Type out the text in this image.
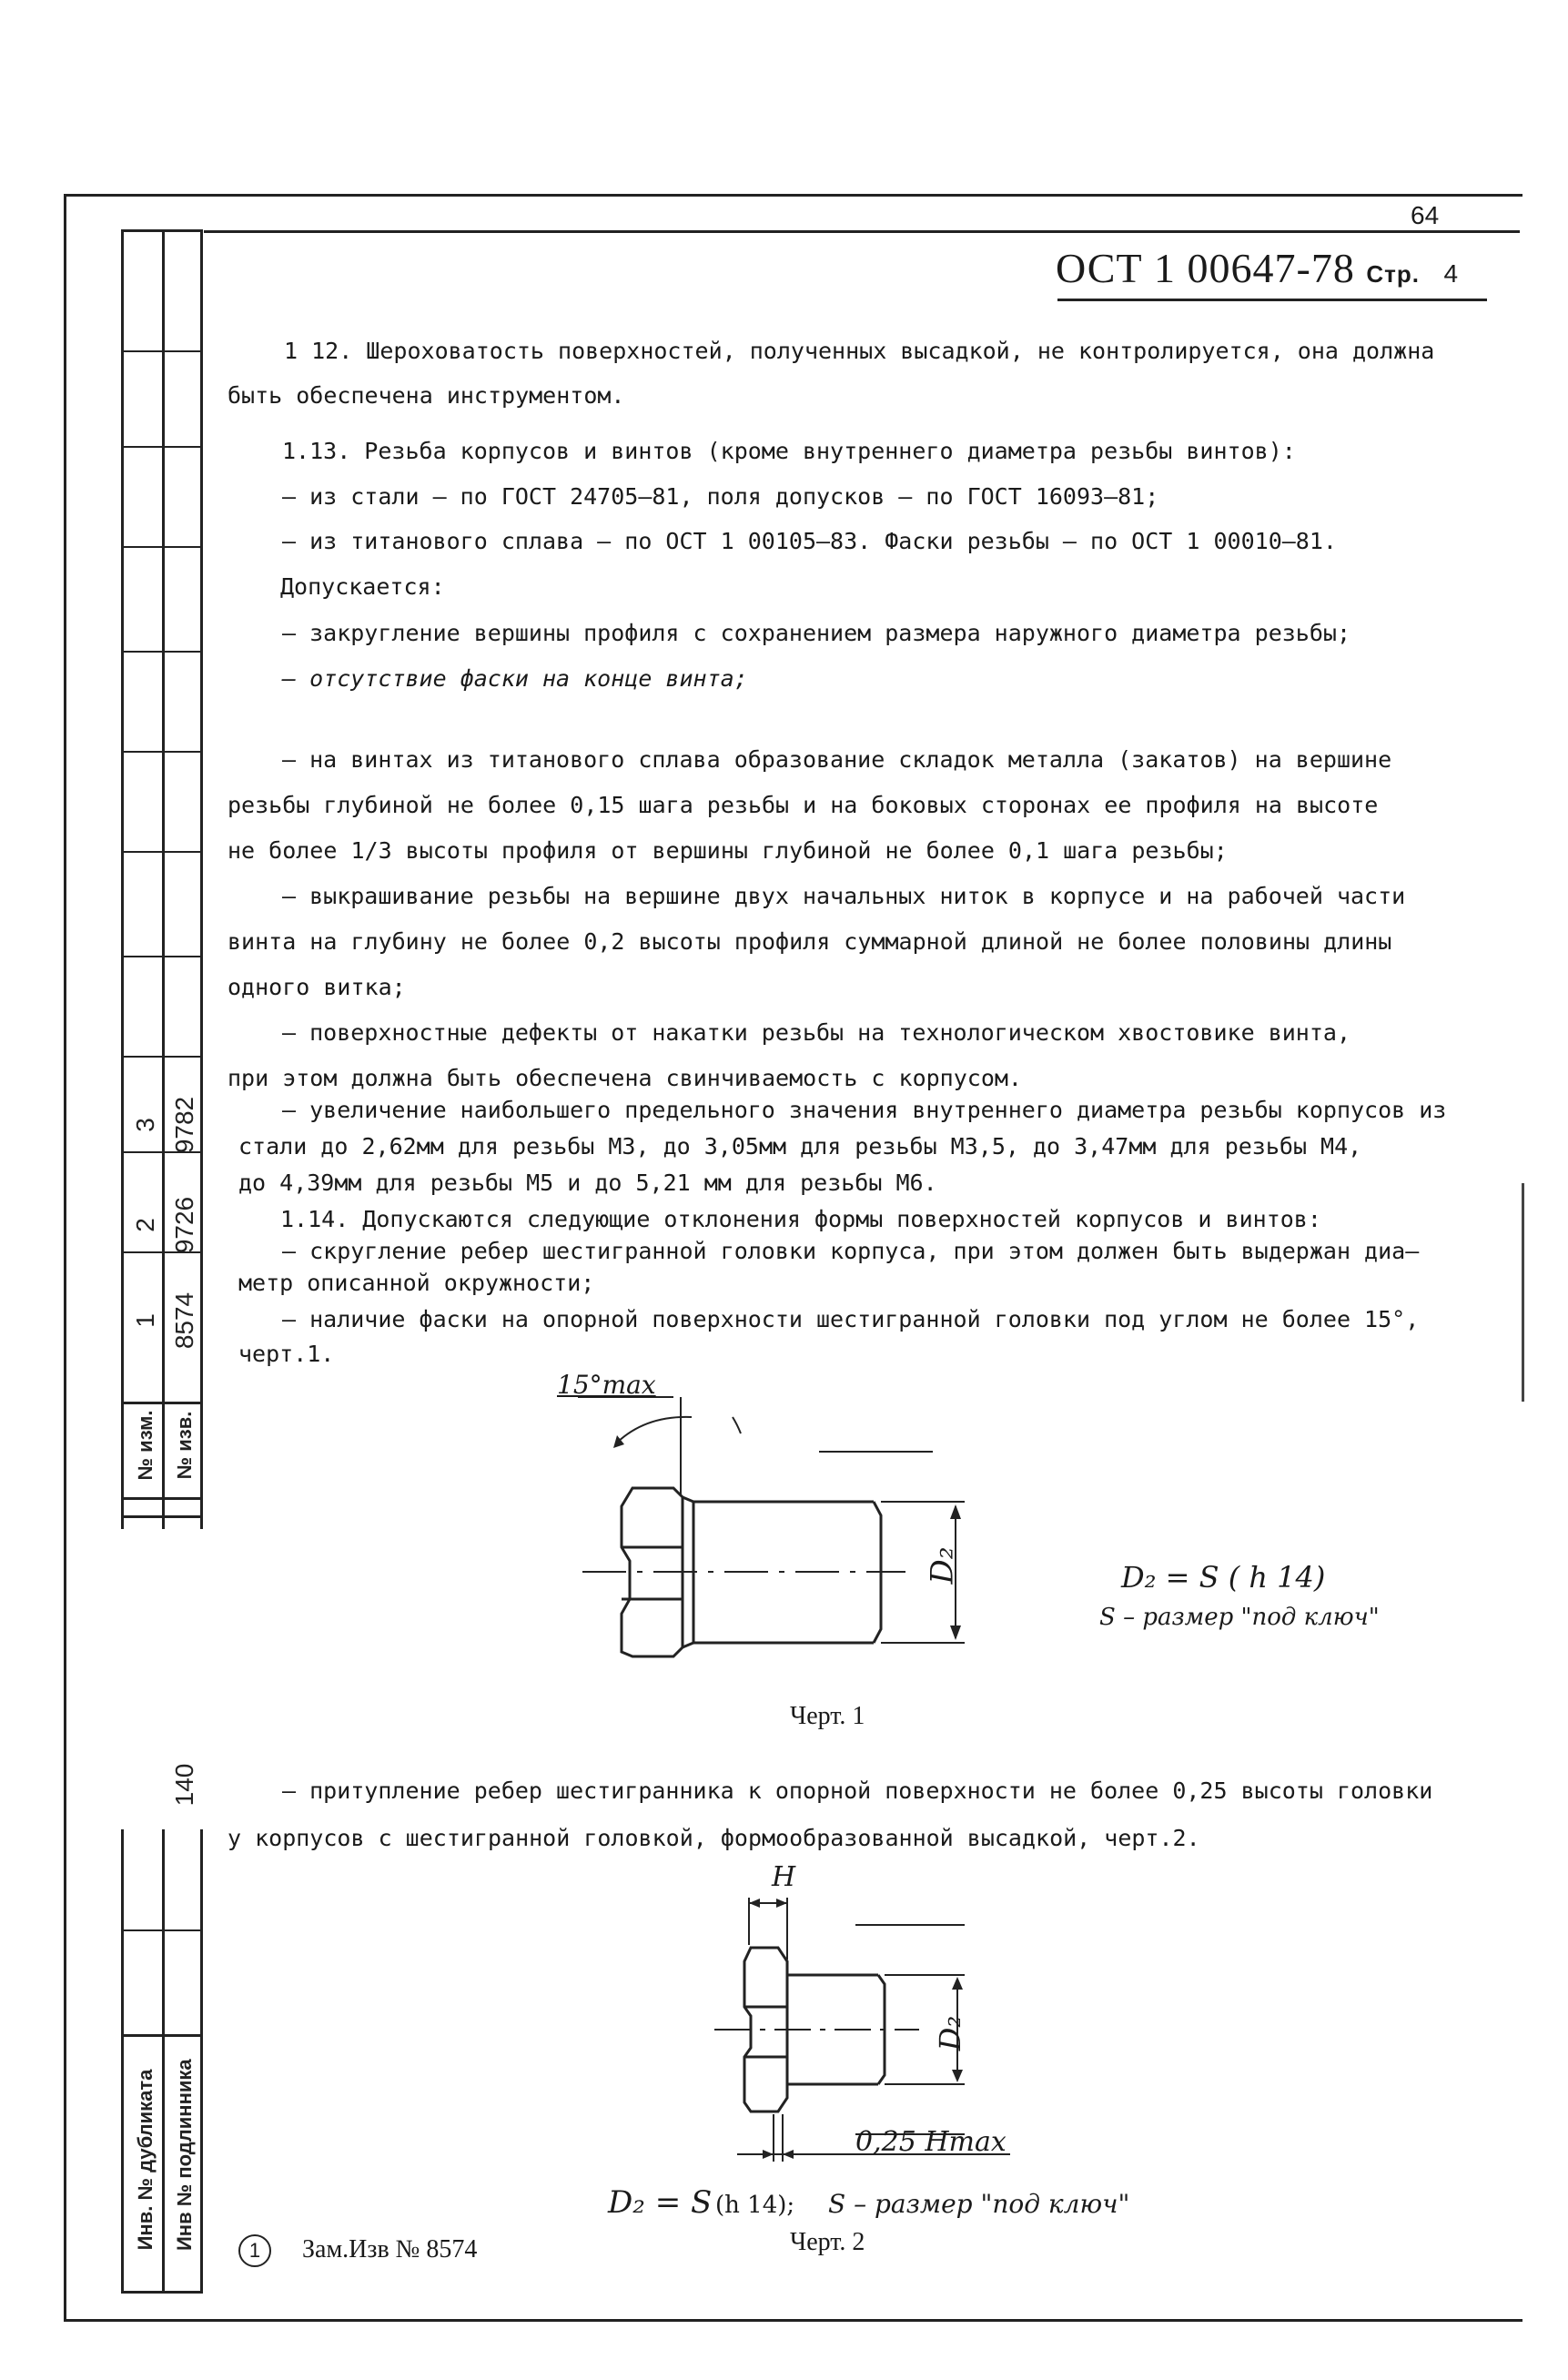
1 8574
2 9726
3 9782
№ изм. № изв.
140
Инв. № дубликата Инв № подлинника
64
ОСТ 1 00647-78 Стр. 4
1 12. Шероховатость поверхностей, полученных высадкой, не контролируется, она должна
быть обеспечена инструментом.
1.13. Резьба корпусов и винтов (кроме внутреннего диаметра резьбы винтов):
– из стали – по ГОСТ 24705–81, поля допусков – по ГОСТ 16093–81;
– из титанового сплава – по ОСТ 1 00105–83. Фаски резьбы – по ОСТ 1 00010–81.
Допускается:
– закругление вершины профиля с сохранением размера наружного диаметра резьбы;
– отсутствие фаски на конце винта;
– на винтах из титанового сплава образование складок металла (закатов) на вершине
резьбы глубиной не более 0,15 шага резьбы и на боковых сторонах ее профиля на высоте
не более 1/3 высоты профиля от вершины глубиной не более 0,1 шага резьбы;
– выкрашивание резьбы на вершине двух начальных ниток в корпусе и на рабочей части
винта на глубину не более 0,2 высоты профиля суммарной длиной не более половины длины
одного витка;
– поверхностные дефекты от накатки резьбы на технологическом хвостовике винта,
при этом должна быть обеспечена свинчиваемость с корпусом.
– увеличение наибольшего предельного значения внутреннего диаметра резьбы корпусов из
стали до 2,62мм для резьбы М3, до 3,05мм для резьбы М3,5, до 3,47мм для резьбы М4,
до 4,39мм для резьбы М5 и до 5,21 мм для резьбы М6.
1.14. Допускаются следующие отклонения формы поверхностей корпусов и винтов:
– скругление ребер шестигранной головки корпуса, при этом должен быть выдержан диа–
метр описанной окружности;
– наличие фаски на опорной поверхности шестигранной головки под углом не более 15°,
черт.1.
15°max
D₂	D₂ = S ( h 14)
S – размер "под ключ"
Черт. 1
– притупление ребер шестигранника к опорной поверхности не более 0,25 высоты головки
у корпусов с шестигранной головкой, формообразованной высадкой, черт.2.
H
D₂
0,25 Hmax
D₂ = S (h 14); S – размер "под ключ"
Черт. 2
1 Зам.Изв № 8574
